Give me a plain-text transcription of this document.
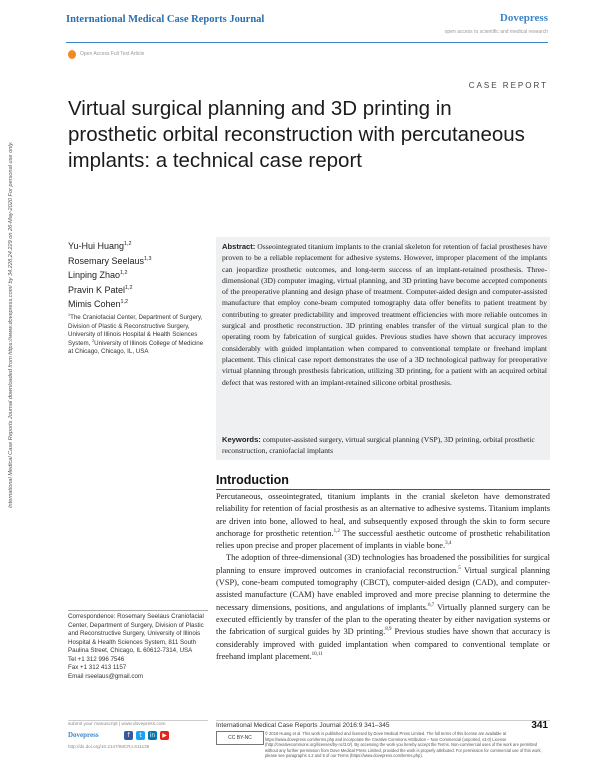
International Medical Case Reports Journal	Dovepress
open access to scientific and medical research
Open Access Full Text Article
CASE REPORT
Virtual surgical planning and 3D printing in prosthetic orbital reconstruction with percutaneous implants: a technical case report
Yu-Hui Huang$^{1,2}$
Rosemary Seelaus$^{1,3}$
Linping Zhao$^{1,2}$
Pravin K Patel$^{1,2}$
Mimis Cohen$^{1,2}$
$^1$The Craniofacial Center, Department of Surgery, Division of Plastic & Reconstructive Surgery, University of Illinois Hospital & Health Sciences System, $^2$University of Illinois College of Medicine at Chicago, Chicago, IL, USA
International Medical Case Reports Journal downloaded from https://www.dovepress.com/ by 34.228.24.229 on 26-May-2020 For personal use only.	Abstract: Osseointegrated titanium implants to the cranial skeleton for retention of facial prostheses have proven to be a reliable replacement for adhesive systems. However, improper placement of the implants can jeopardize prosthetic outcomes, and long-term success of an implant-retained prosthesis. Three-dimensional (3D) computer imaging, virtual planning, and 3D printing have become accepted components of the preoperative planning and design phase of treatment. Computer-aided design and computer-assisted manufacture that employ cone-beam computed tomography data offer benefits to patient treatment by contributing to greater predictability and improved treatment efficiencies with more reliable outcomes in surgical and prosthetic reconstruction. 3D printing enables transfer of the virtual surgical plan to the operating room by fabrication of surgical guides. Previous studies have shown that accuracy improves considerably with guided implantation when compared to conventional template or freehand implant placement. This clinical case report demonstrates the use of a 3D technological pathway for preoperative virtual planning through prosthesis fabrication, utilizing 3D printing, for a patient with an acquired orbital defect that was restored with an implant-retained silicone orbital prosthesis.
Keywords: computer-assisted surgery, virtual surgical planning (VSP), 3D printing, orbital prosthetic reconstruction, craniofacial implants
Introduction

Percutaneous, osseointegrated, titanium implants in the cranial skeleton have demonstrated reliability for retention of facial prosthesis as an alternative to adhesive systems. Titanium implants are driven into bone, allowed to heal, and subsequently exposed through the skin to form secure anchorage for prosthetic retention.$^{1,2}$ The successful aesthetic outcome of prosthetic rehabilitation relies upon precise and proper placement of implants in viable bone.$^{3,4}$

The adoption of three-dimensional (3D) technologies has broadened the possibilities for surgical planning to ensure improved outcomes in craniofacial reconstruction.$^5$ Virtual surgical planning (VSP), cone-beam computed tomography (CBCT), computer-aided design (CAD), and computer-assisted manufacture (CAM) have enabled improved and more precise planning to determine the necessary dimensions, positions, and angulations of implants.$^{6,7}$ Virtually planned surgery can be executed efficiently by transfer of the plan to the operating theater by either navigation systems or the fabrication of surgical guides by 3D printing.$^{8,9}$ Previous studies have shown that accuracy is considerably improved with guided implantation when compared to conventional template or freehand implant placement.$^{10,11}$

Correspondence: Rosemary Seelaus Craniofacial Center, Department of Surgery, Division of Plastic and Reconstructive Surgery, University of Illinois Hospital & Health Sciences System, 811 South Paulina Street, Chicago, IL 60612-7314, USA
Tel +1 312 996 7546
Fax +1 312 413 1157
Email rseelaus@gmail.com
submit your manuscript | www.dovepress.com
Dovepress	f	t	in	▶
http://dx.doi.org/10.2147/IMCRJ.S11135
International Medical Case Reports Journal 2016:9 341–345	341
CC BY-NC
© 2016 Huang et al. This work is published and licensed by Dove Medical Press Limited. The full terms of this license are available at https://www.dovepress.com/terms.php and incorporate the Creative Commons Attribution – Non Commercial (unported, v3.0) License (http://creativecommons.org/licenses/by-nc/3.0/). By accessing the work you hereby accept the Terms. Non-commercial uses of the work are permitted without any further permission from Dove Medical Press Limited, provided the work is properly attributed. For permission for commercial use of this work, please see paragraphs 4.2 and 5 of our Terms (https://www.dovepress.com/terms.php).
